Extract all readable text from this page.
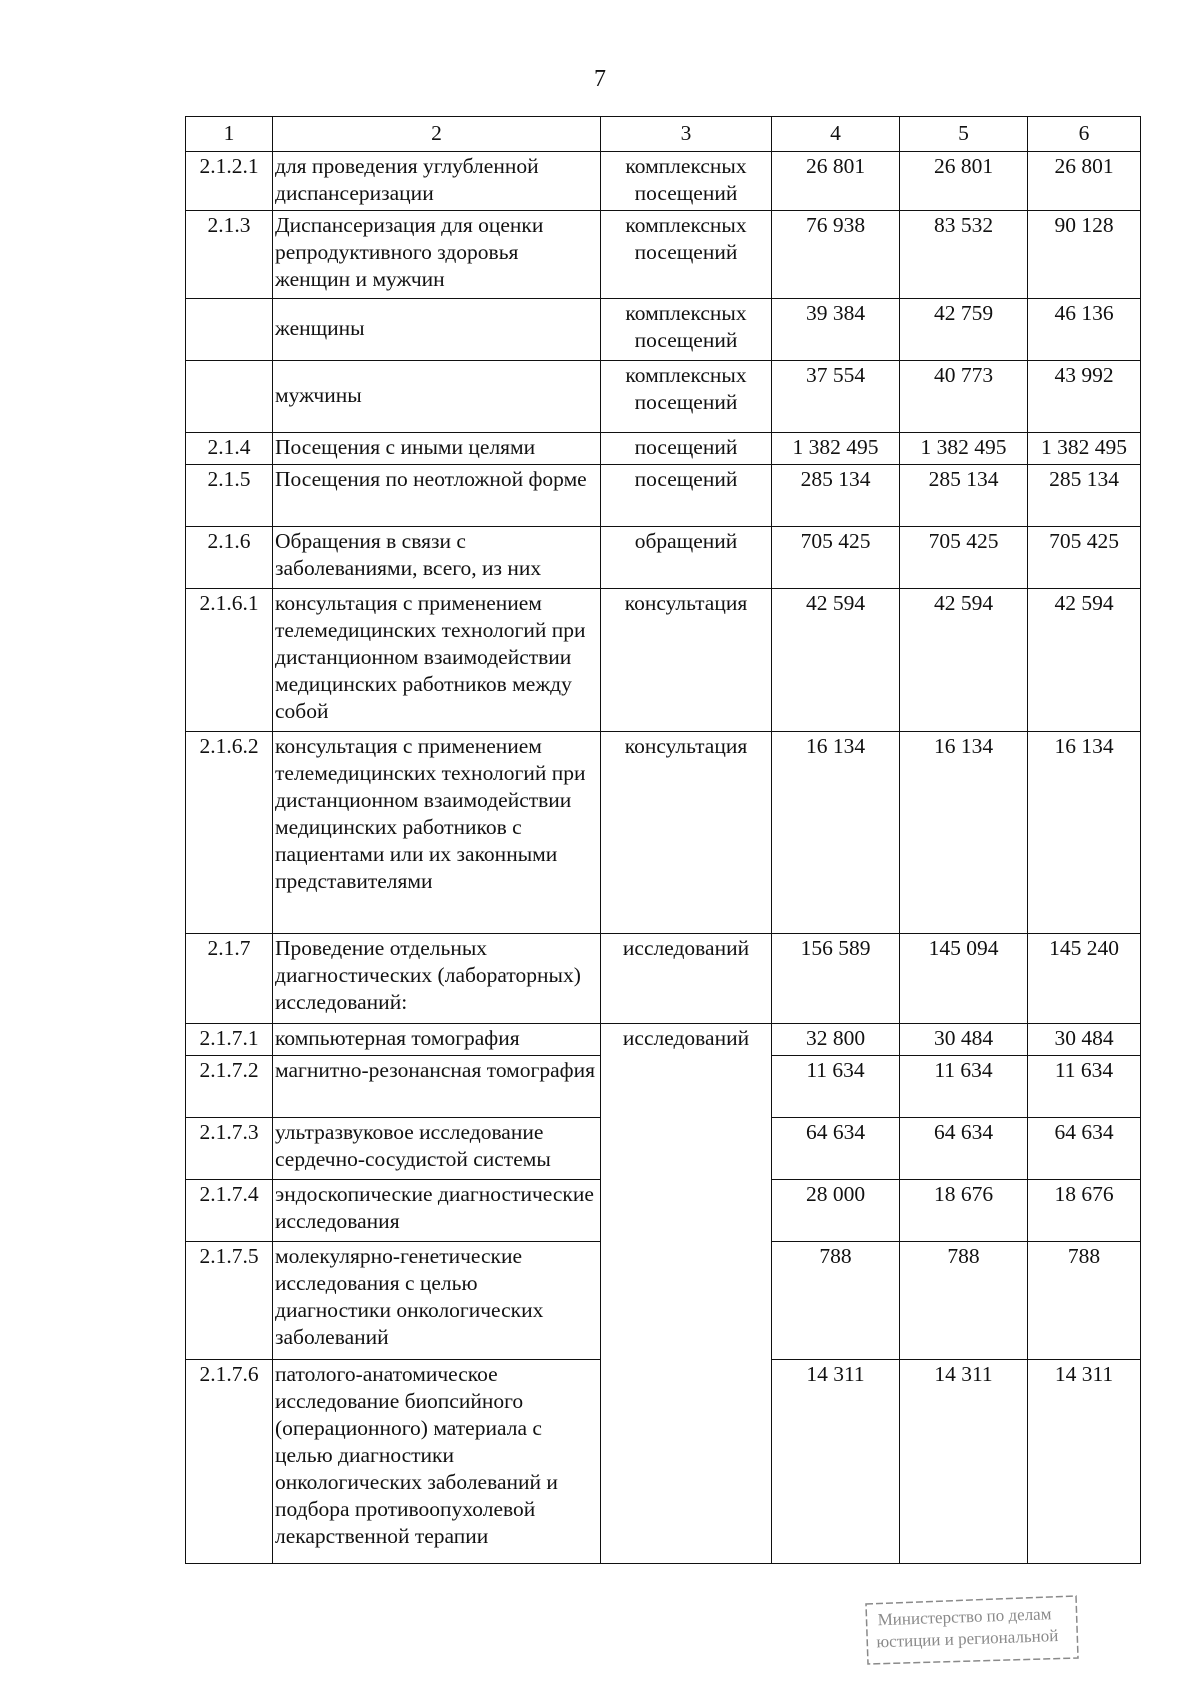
7
1	2	3	4	5	6
2.1.2.1	для проведения углубленной диспансеризации	комплексных посещений	26 801	26 801	26 801
2.1.3	Диспансеризация для оценки репродуктивного здоровья женщин и мужчин	комплексных посещений	76 938	83 532	90 128
	женщины	комплексных посещений	39 384	42 759	46 136
	мужчины	комплексных посещений	37 554	40 773	43 992
2.1.4	Посещения с иными целями	посещений	1 382 495	1 382 495	1 382 495
2.1.5	Посещения по неотложной форме	посещений	285 134	285 134	285 134
2.1.6	Обращения в связи с заболеваниями, всего, из них	обращений	705 425	705 425	705 425
2.1.6.1	консультация с применением телемедицинских технологий при дистанционном взаимодействии медицинских работников между собой	консультация	42 594	42 594	42 594
2.1.6.2	консультация с применением телемедицинских технологий при дистанционном взаимодействии медицинских работников с пациентами или их законными представителями	консультация	16 134	16 134	16 134
2.1.7	Проведение отдельных диагностических (лабораторных) исследований:	исследований	156 589	145 094	145 240
2.1.7.1	компьютерная томография	исследований	32 800	30 484	30 484
2.1.7.2	магнитно-резонансная томография		11 634	11 634	11 634
2.1.7.3	ультразвуковое исследование сердечно-сосудистой системы		64 634	64 634	64 634
2.1.7.4	эндоскопические диагностические исследования		28 000	18 676	18 676
2.1.7.5	молекулярно-генетические исследования с целью диагностики онкологических заболеваний		788	788	788
2.1.7.6	патолого-анатомическое исследование биопсийного (операционного) материала с целью диагностики онкологических заболеваний и подбора противоопухолевой лекарственной терапии		14 311	14 311	14 311
Министерство по делам
юстиции и региональной
